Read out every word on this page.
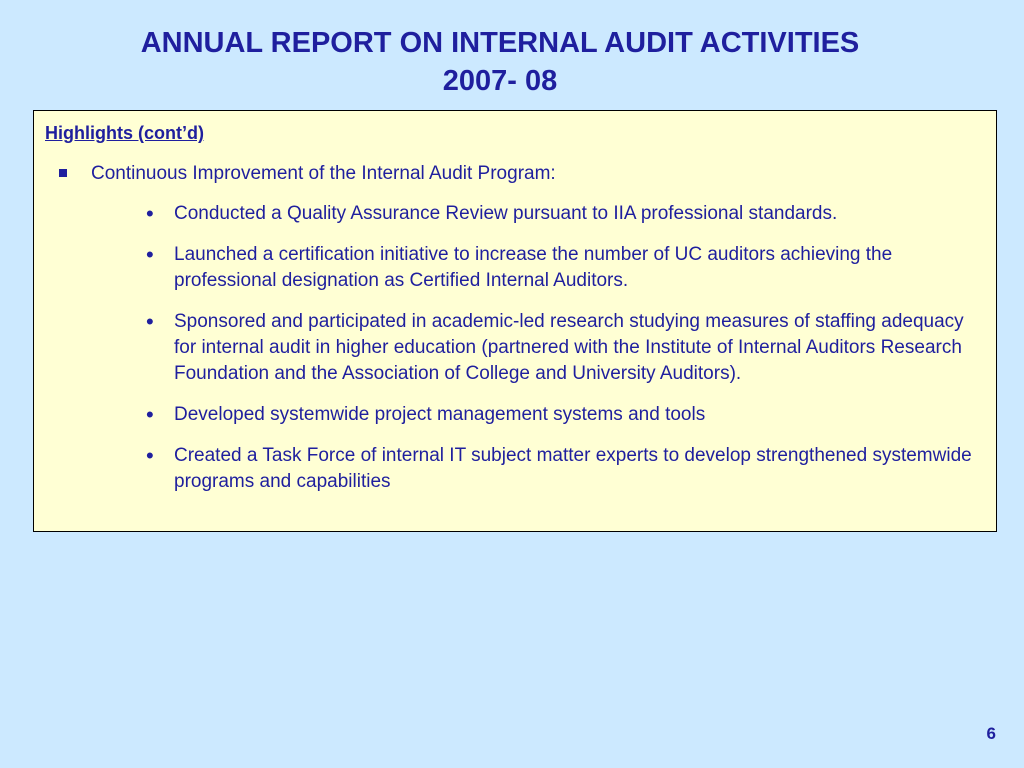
ANNUAL REPORT ON INTERNAL AUDIT ACTIVITIES
2007- 08
Highlights (cont’d)
Continuous Improvement of the Internal Audit Program:
• Conducted a Quality Assurance Review pursuant to IIA professional standards.
• Launched a certification initiative to increase the number of UC auditors achieving the professional designation as Certified Internal Auditors.
• Sponsored and participated in academic-led research studying measures of staffing adequacy for internal audit in higher education (partnered with the Institute of Internal Auditors Research Foundation and the Association of College and University Auditors).
• Developed systemwide project management systems and tools
• Created a Task Force of internal IT subject matter experts to develop strengthened systemwide programs and capabilities
6
